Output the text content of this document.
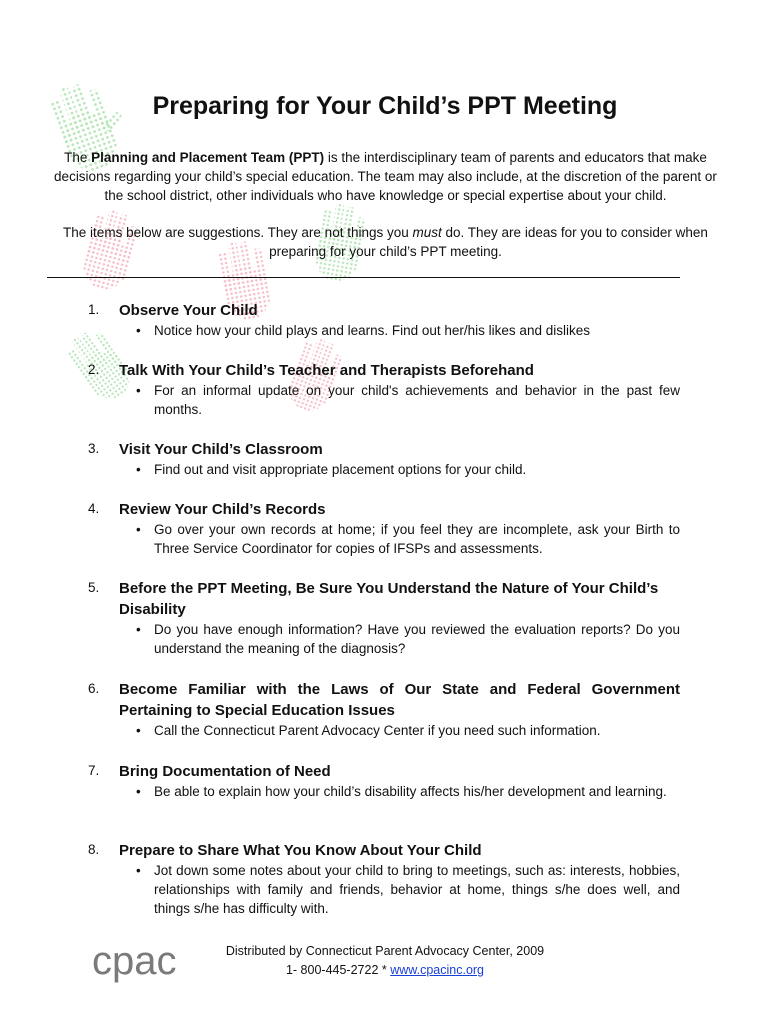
Preparing for Your Child’s PPT Meeting
The Planning and Placement Team (PPT) is the interdisciplinary team of parents and educators that make decisions regarding your child’s special education. The team may also include, at the discretion of the parent or the school district, other individuals who have knowledge or special expertise about your child.
The items below are suggestions. They are not things you must do. They are ideas for you to consider when preparing for your child’s PPT meeting.
1.	Observe Your Child
• Notice how your child plays and learns. Find out her/his likes and dislikes
2.	Talk With Your Child’s Teacher and Therapists Beforehand
• For an informal update on your child's achievements and behavior in the past few months.
3.	Visit Your Child’s Classroom
• Find out and visit appropriate placement options for your child.
4.	Review Your Child’s Records
• Go over your own records at home; if you feel they are incomplete, ask your Birth to Three Service Coordinator for copies of IFSPs and assessments.
5.	Before the PPT Meeting, Be Sure You Understand the Nature of Your Child’s Disability
• Do you have enough information? Have you reviewed the evaluation reports? Do you understand the meaning of the diagnosis?
6.	Become Familiar with the Laws of Our State and Federal Government Pertaining to Special Education Issues
• Call the Connecticut Parent Advocacy Center if you need such information.
7.	Bring Documentation of Need
• Be able to explain how your child’s disability affects his/her development and learning.
8.	Prepare to Share What You Know About Your Child
• Jot down some notes about your child to bring to meetings, such as: interests, hobbies, relationships with family and friends, behavior at home, things s/he does well, and things s/he has difficulty with.
cpac	Distributed by Connecticut Parent Advocacy Center, 2009
1- 800-445-2722 * www.cpacinc.org
